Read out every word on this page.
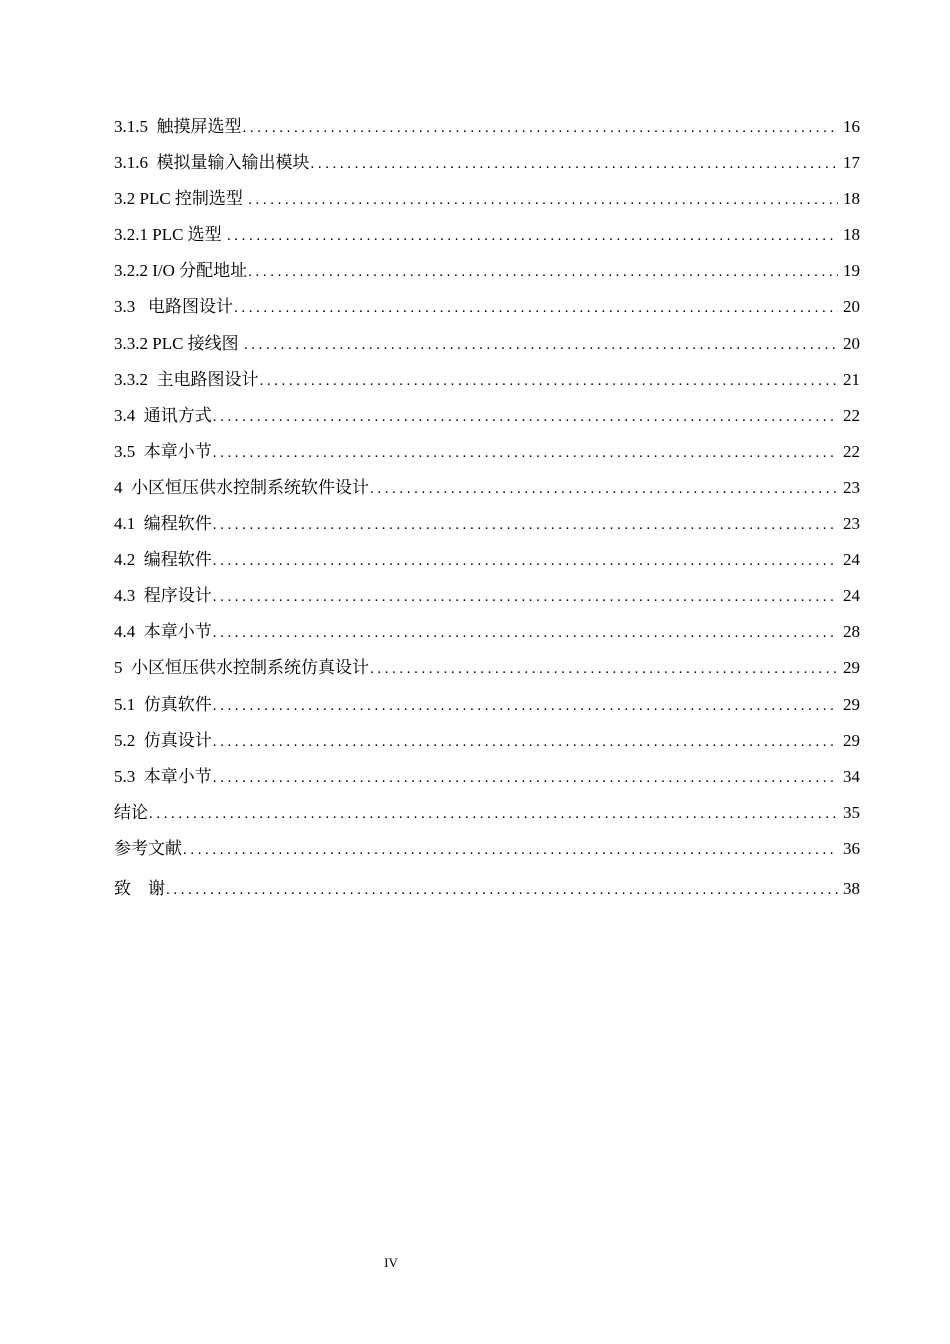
3.1.5  触摸屏选型 .....	16
3.1.6  模拟量输入输出模块 .....	17
3.2 PLC 控制选型 .....	18
3.2.1 PLC 选型 .....	18
3.2.2 I/O 分配地址 .....	19
3.3   电路图设计 .....	20
3.3.2 PLC 接线图 .....	20
3.3.2  主电路图设计 .....	21
3.4  通讯方式 .....	22
3.5  本章小节 .....	22
4  小区恒压供水控制系统软件设计 .....	23
4.1  编程软件 .....	23
4.2  编程软件 .....	24
4.3  程序设计 .....	24
4.4  本章小节 .....	28
5  小区恒压供水控制系统仿真设计 .....	29
5.1  仿真软件 .....	29
5.2  仿真设计 .....	29
5.3  本章小节 .....	34
结论 .....	35
参考文献 .....	36
致    谢 .....	38
IV
